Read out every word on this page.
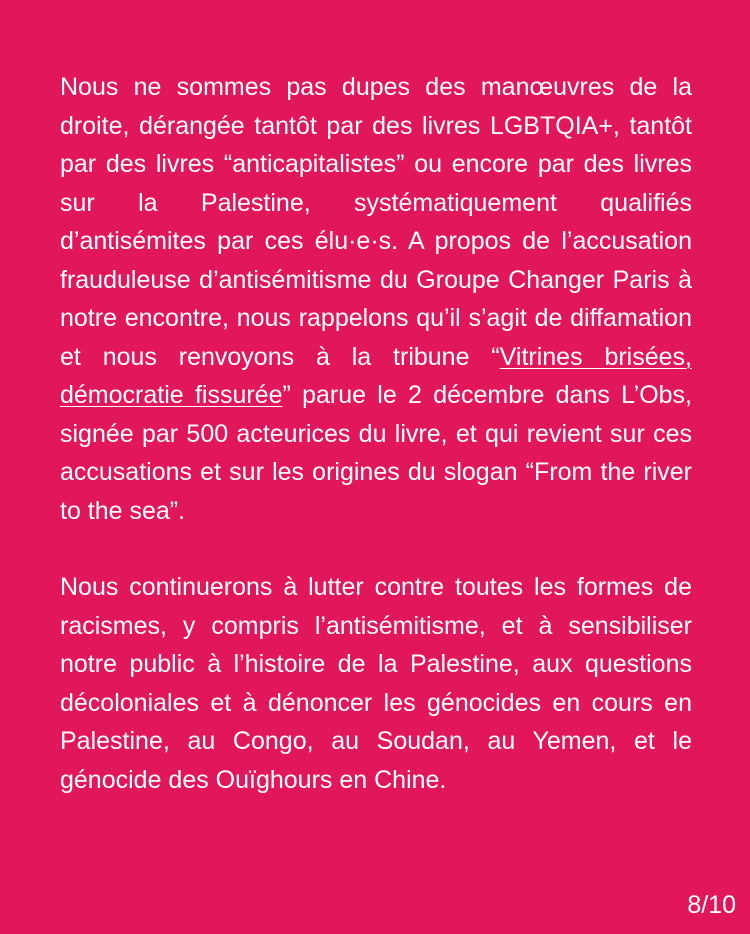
Nous ne sommes pas dupes des manœuvres de la droite, dérangée tantôt par des livres LGBTQIA+, tantôt par des livres “anticapitalistes” ou encore par des livres sur la Palestine, systématiquement qualifiés d’antisémites par ces élu·e·s. A propos de l’accusation frauduleuse d’antisémitisme du Groupe Changer Paris à notre encontre, nous rappelons qu’il s’agit de diffamation et nous renvoyons à la tribune “Vitrines brisées, démocratie fissurée” parue le 2 décembre dans L’Obs, signée par 500 acteurices du livre, et qui revient sur ces accusations et sur les origines du slogan “From the river to the sea”.

Nous continuerons à lutter contre toutes les formes de racismes, y compris l’antisémitisme, et à sensibiliser notre public à l’histoire de la Palestine, aux questions décoloniales et à dénoncer les génocides en cours en Palestine, au Congo, au Soudan, au Yemen, et le génocide des Ouïghours en Chine.

8/10
